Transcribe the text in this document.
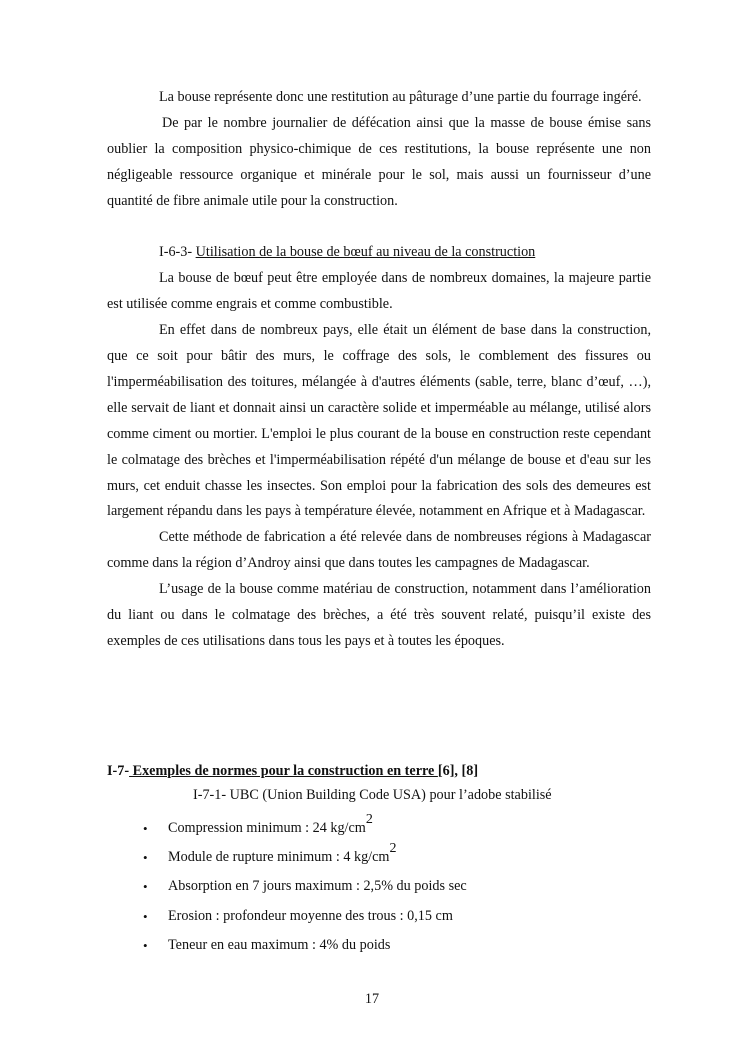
La bouse représente donc une restitution au pâturage d’une partie du fourrage ingéré.

De par le nombre journalier de défécation ainsi que la masse de bouse émise sans oublier la composition physico-chimique de ces restitutions, la bouse représente une non négligeable ressource organique et minérale pour le sol, mais aussi un fournisseur d’une quantité de fibre animale utile pour la construction.

I-6-3- Utilisation de la bouse de bœuf au niveau de la construction

La bouse de bœuf peut être employée dans de nombreux domaines, la majeure partie est utilisée comme engrais et comme combustible.

En effet dans de nombreux pays, elle était un élément de base dans la construction, que ce soit pour bâtir des murs, le coffrage des sols, le comblement des fissures ou l'imperméabilisation des toitures, mélangée à d'autres éléments (sable, terre, blanc d’œuf, …), elle servait de liant et donnait ainsi un caractère solide et imperméable au mélange, utilisé alors comme ciment ou mortier. L'emploi le plus courant de la bouse en construction reste cependant le colmatage des brèches et l'imperméabilisation répété d'un mélange de bouse et d'eau sur les murs, cet enduit chasse les insectes. Son emploi pour la fabrication des sols des demeures est largement répandu dans les pays à température élevée, notamment en Afrique et à Madagascar.

Cette méthode de fabrication a été relevée dans de nombreuses régions à Madagascar comme dans la région d’Androy ainsi que dans toutes les campagnes de Madagascar.

L’usage de la bouse comme matériau de construction, notamment dans l’amélioration du liant ou dans le colmatage des brèches, a été très souvent relaté, puisqu’il existe des exemples de ces utilisations dans tous les pays et à toutes les époques.

I-7- Exemples de normes pour la construction en terre [6], [8]

I-7-1- UBC (Union Building Code USA) pour l’adobe stabilisé

• Compression minimum : 24 $kg/cm^2$
• Module de rupture minimum : 4 $kg/cm^2$
• Absorption en 7 jours maximum : 2,5% du poids sec
• Erosion : profondeur moyenne des trous : 0,15 cm
• Teneur en eau maximum : 4% du poids
17
